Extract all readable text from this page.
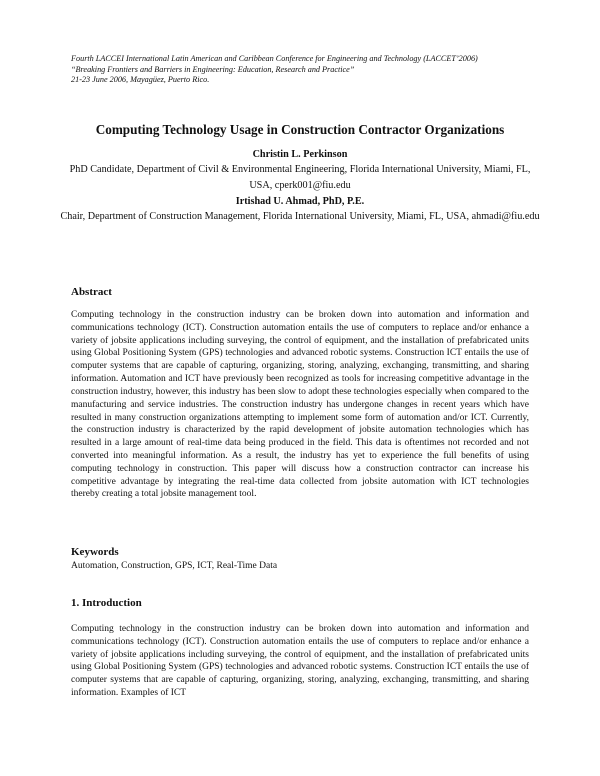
Fourth LACCEI International Latin American and Caribbean Conference for Engineering and Technology (LACCET’2006)
“Breaking Frontiers and Barriers in Engineering: Education, Research and Practice”
21-23 June 2006, Mayagüez, Puerto Rico.
Computing Technology Usage in Construction Contractor Organizations
Christin L. Perkinson
PhD Candidate, Department of Civil & Environmental Engineering, Florida International University, Miami, FL, USA, cperk001@fiu.edu
Irtishad U. Ahmad, PhD, P.E.
Chair, Department of Construction Management, Florida International University, Miami, FL, USA, ahmadi@fiu.edu
Abstract

Computing technology in the construction industry can be broken down into automation and information and communications technology (ICT). Construction automation entails the use of computers to replace and/or enhance a variety of jobsite applications including surveying, the control of equipment, and the installation of prefabricated units using Global Positioning System (GPS) technologies and advanced robotic systems. Construction ICT entails the use of computer systems that are capable of capturing, organizing, storing, analyzing, exchanging, transmitting, and sharing information. Automation and ICT have previously been recognized as tools for increasing competitive advantage in the construction industry, however, this industry has been slow to adopt these technologies especially when compared to the manufacturing and service industries. The construction industry has undergone changes in recent years which have resulted in many construction organizations attempting to implement some form of automation and/or ICT. Currently, the construction industry is characterized by the rapid development of jobsite automation technologies which has resulted in a large amount of real-time data being produced in the field. This data is oftentimes not recorded and not converted into meaningful information. As a result, the industry has yet to experience the full benefits of using computing technology in construction. This paper will discuss how a construction contractor can increase his competitive advantage by integrating the real-time data collected from jobsite automation with ICT technologies thereby creating a total jobsite management tool.

Keywords

Automation, Construction, GPS, ICT, Real-Time Data

1. Introduction

Computing technology in the construction industry can be broken down into automation and information and communications technology (ICT). Construction automation entails the use of computers to replace and/or enhance a variety of jobsite applications including surveying, the control of equipment, and the installation of prefabricated units using Global Positioning System (GPS) technologies and advanced robotic systems. Construction ICT entails the use of computer systems that are capable of capturing, organizing, storing, analyzing, exchanging, transmitting, and sharing information. Examples of ICT
